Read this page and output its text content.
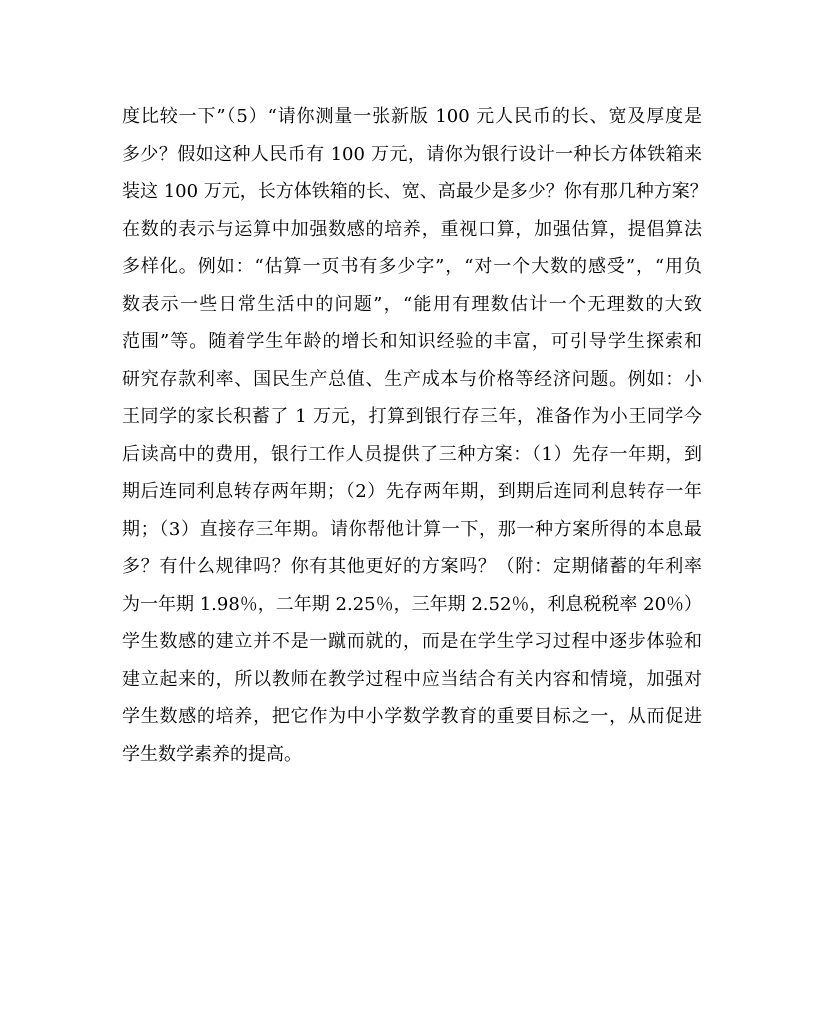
度比较一下”（5）“请你测量一张新版 100 元人民币的长、宽及厚度是
多少？假如这种人民币有 100 万元，请你为银行设计一种长方体铁箱来
装这 100 万元，长方体铁箱的长、宽、高最少是多少？你有那几种方案？
在数的表示与运算中加强数感的培养，重视口算，加强估算，提倡算法
多样化。例如：“估算一页书有多少字”，“对一个大数的感受”，“用负
数表示一些日常生活中的问题”，“能用有理数估计一个无理数的大致
范围”等。随着学生年龄的增长和知识经验的丰富，可引导学生探索和
研究存款利率、国民生产总值、生产成本与价格等经济问题。例如：小
王同学的家长积蓄了 1 万元，打算到银行存三年，准备作为小王同学今
后读高中的费用，银行工作人员提供了三种方案：（1）先存一年期，到
期后连同利息转存两年期；（2）先存两年期，到期后连同利息转存一年
期；（3）直接存三年期。请你帮他计算一下，那一种方案所得的本息最
多？有什么规律吗？你有其他更好的方案吗？（附：定期储蓄的年利率
为一年期 1.98％，二年期 2.25％，三年期 2.52％，利息税税率 20％）
学生数感的建立并不是一蹴而就的，而是在学生学习过程中逐步体验和
建立起来的，所以教师在教学过程中应当结合有关内容和情境，加强对
学生数感的培养，把它作为中小学数学教育的重要目标之一，从而促进
学生数学素养的提高。
